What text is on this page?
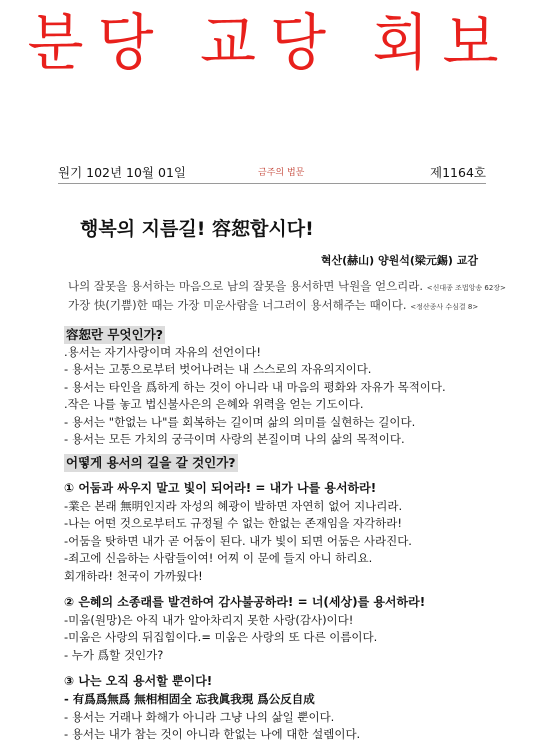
분당 교당 회보
원기 102년 10월 01일	금주의 법문	제1164호
행복의 지름길! 容恕합시다!
혁산(赫山) 양원석(梁元錫) 교감
나의 잘못을 용서하는 마음으로 남의 잘못을 용서하면 낙원을 얻으리라. <신대종 조법앙송 62장>
가장 快(기쁨)한 때는 가장 미운사람을 너그러이 용서해주는 때이다. <정산종사 수심결 8>
容恕란 무엇인가?
.용서는 자기사랑이며 자유의 선언이다!
- 용서는 고통으로부터 벗어나려는 내 스스로의 자유의지이다.
- 용서는 타인을 爲하게 하는 것이 아니라 내 마음의 평화와 자유가 목적이다.
.작은 나를 놓고 법신불사은의 은혜와 위력을 얻는 기도이다.
- 용서는 "한없는 나"를 회복하는 길이며 삶의 의미를 실현하는 길이다.
- 용서는 모든 가치의 궁극이며 사랑의 본질이며 나의 삶의 목적이다.
어떻게 용서의 길을 갈 것인가?
① 어둠과 싸우지 말고 빛이 되어라! = 내가 나를 용서하라!
-業은 본래 無明인지라 자성의 혜광이 발하면 자연히 없어 지나리라.
-나는 어떤 것으로부터도 규정될 수 없는 한없는 존재임을 자각하라!
-어둠을 탓하면 내가 곧 어둠이 된다. 내가 빛이 되면 어둠은 사라진다.
-죄고에 신음하는 사람들이여! 어찌 이 문에 들지 아니 하리요.
회개하라! 천국이 가까웠다!
② 은혜의 소종래를 발견하여 감사불공하라! = 너(세상)를 용서하라!
-미움(원망)은 아직 내가 알아차리지 못한 사랑(감사)이다!
-미움은 사랑의 뒤집힘이다.= 미움은 사랑의 또 다른 이름이다.
- 누가 爲할 것인가?
③ 나는 오직 용서할 뿐이다!
- 有爲爲無爲 無相相固全 忘我眞我現 爲公反自成
- 용서는 거래나 화해가 아니라 그냥 나의 삶일 뿐이다.
- 용서는 내가 참는 것이 아니라 한없는 나에 대한 설렘이다.
